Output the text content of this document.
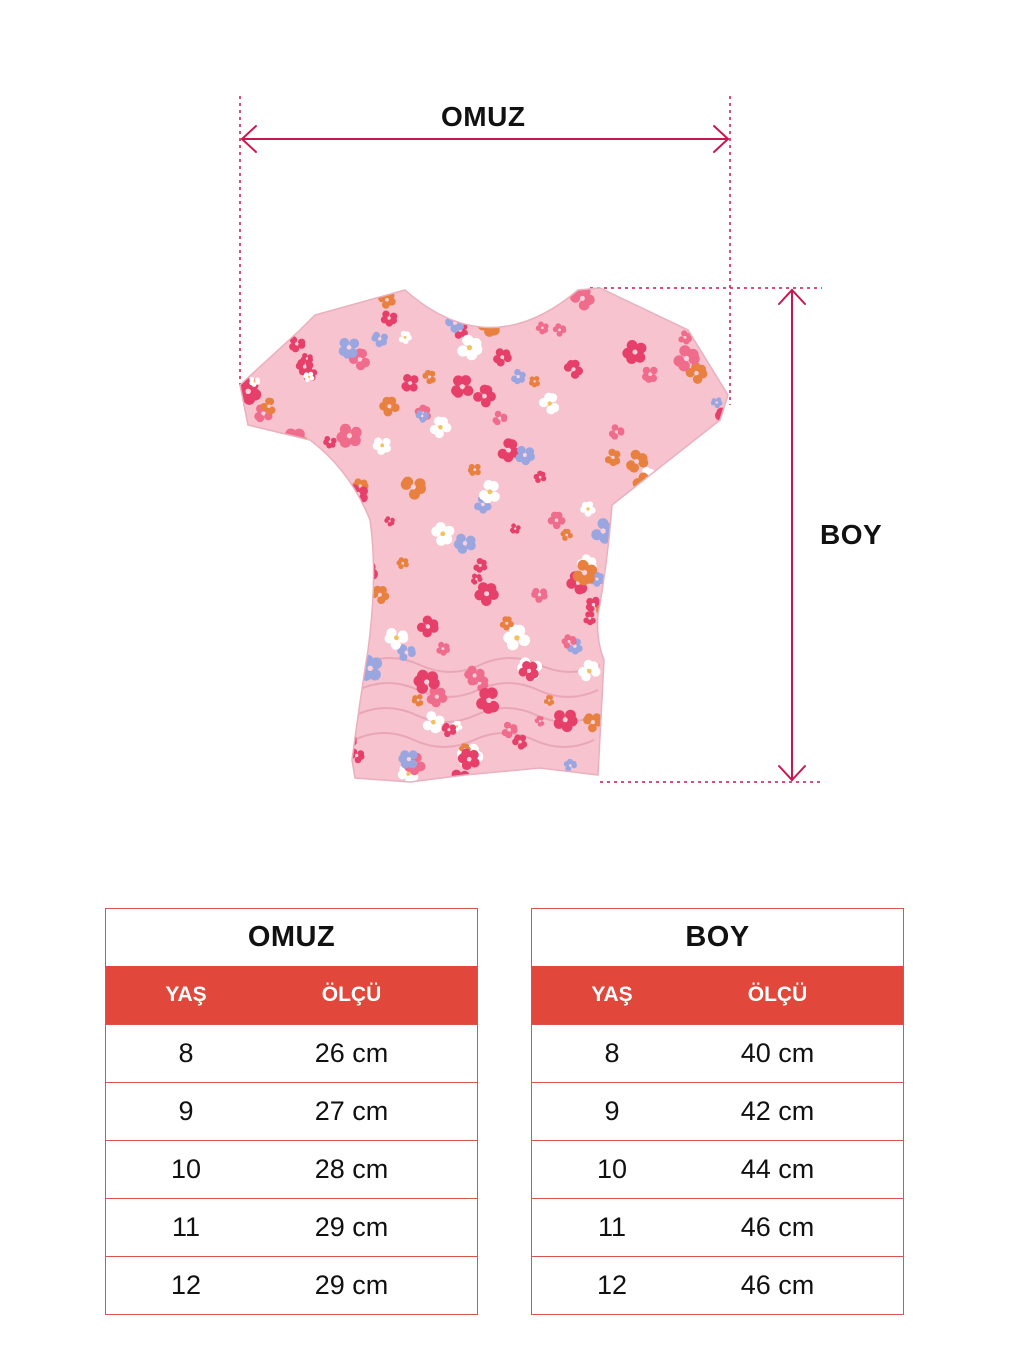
OMUZ
BOY
OMUZ
YAŞ	ÖLÇÜ
8	26 cm
9	27 cm
10	28 cm
11	29 cm
12	29 cm
BOY
YAŞ	ÖLÇÜ
8	40 cm
9	42 cm
10	44 cm
11	46 cm
12	46 cm
